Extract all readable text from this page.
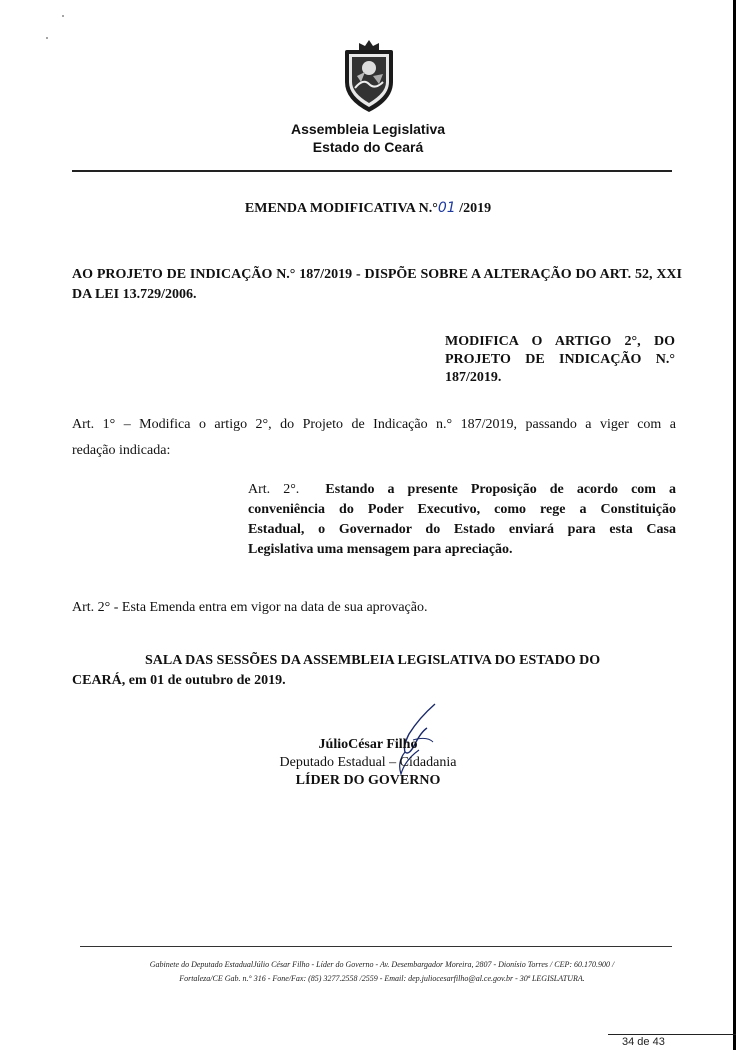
Assembleia Legislativa
Estado do Ceará
EMENDA MODIFICATIVA N.°01 /2019
AO PROJETO DE INDICAÇÃO N.° 187/2019 - DISPÕE SOBRE A ALTERAÇÃO DO ART. 52, XXI DA LEI 13.729/2006.
MODIFICA O ARTIGO 2°, DO
PROJETO DE INDICAÇÃO N.°
187/2019.
Art. 1° – Modifica o artigo 2°, do Projeto de Indicação n.° 187/2019, passando a viger com a
redação indicada:
Art. 2°. Estando a presente Proposição de acordo com a
conveniência do Poder Executivo, como rege a Constituição
Estadual, o Governador do Estado enviará para esta Casa
Legislativa uma mensagem para apreciação.
Art. 2° - Esta Emenda entra em vigor na data de sua aprovação.
SALA DAS SESSÕES DA ASSEMBLEIA LEGISLATIVA DO ESTADO DO
CEARÁ, em 01 de outubro de 2019.
JúlioCésar Filho
Deputado Estadual – Cidadania
LÍDER DO GOVERNO
Gabinete do Deputado EstadualJúlio César Filho - Líder do Governo - Av. Desembargador Moreira, 2807 - Dionísio Torres / CEP: 60.170.900 /
Fortaleza/CE Gab. n.° 316 - Fone/Fax: (85) 3277.2558 /2559 - Email: dep.juliocesarfilho@al.ce.gov.br - 30ª LEGISLATURA.
34 de 43
